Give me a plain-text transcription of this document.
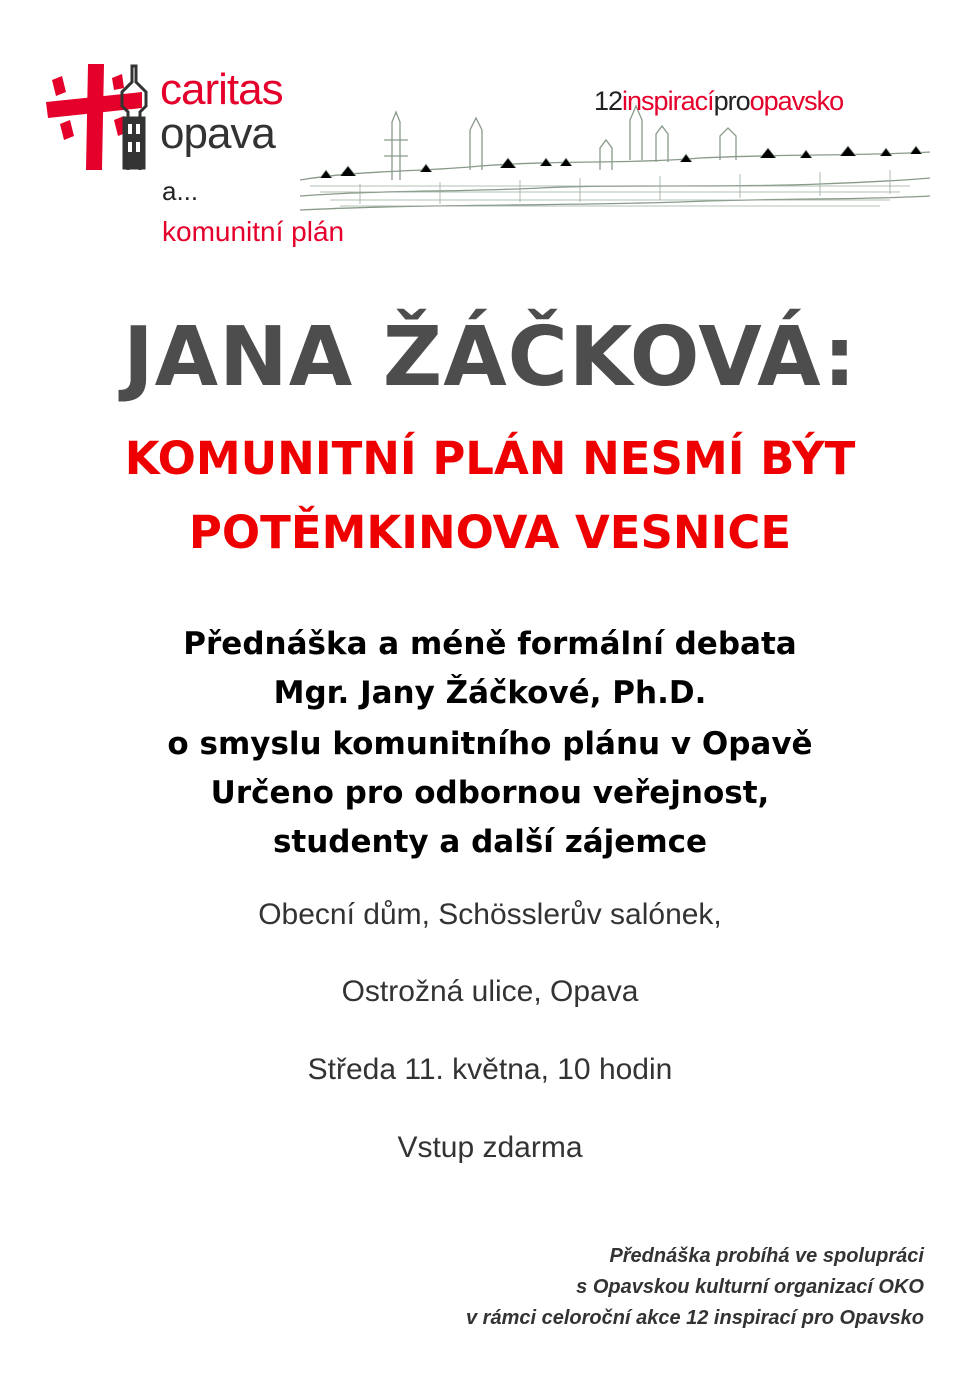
caritas
opava
a...
komunitní plán
12inspiracíproopavsko
JANA ŽÁČKOVÁ:
KOMUNITNÍ PLÁN NESMÍ BÝT
POTĚMKINOVA VESNICE
Přednáška a méně formální debata
Mgr. Jany Žáčkové, Ph.D.
o smyslu komunitního plánu v Opavě
Určeno pro odbornou veřejnost,
studenty a další zájemce
Obecní dům, Schösslerův salónek,
Ostrožná ulice, Opava
Středa 11. května, 10 hodin
Vstup zdarma
Přednáška probíhá ve spolupráci
s Opavskou kulturní organizací OKO
v rámci celoroční akce 12 inspirací pro Opavsko
